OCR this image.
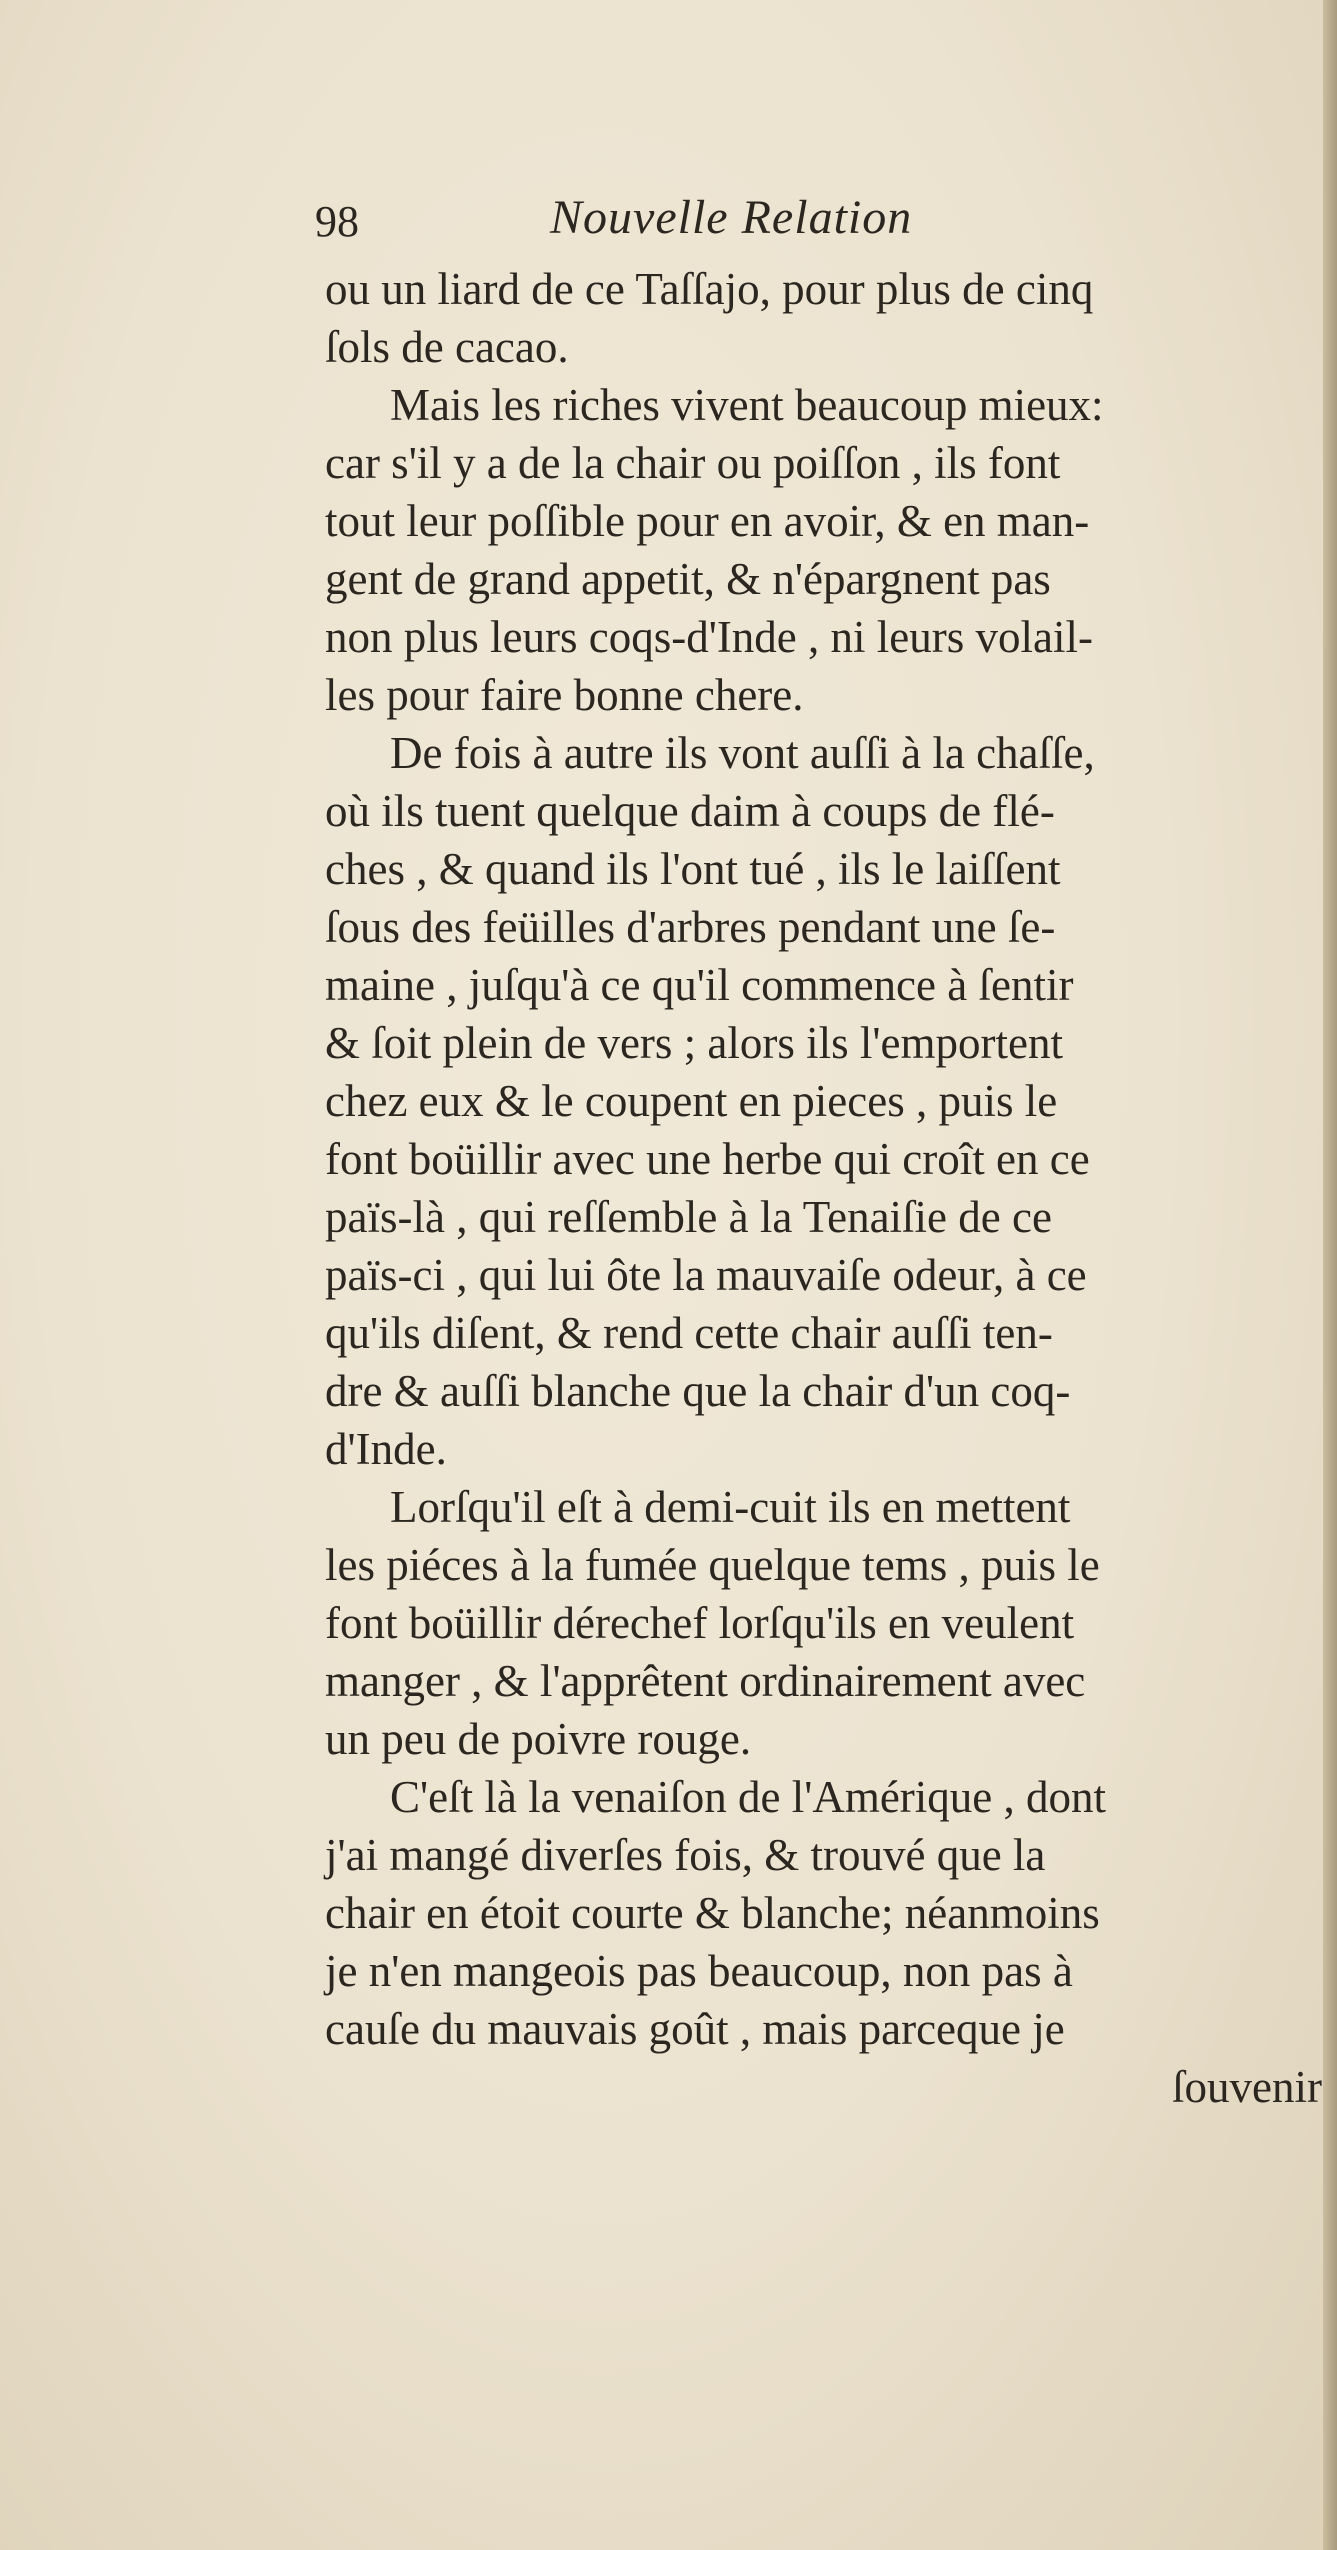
98	Nouvelle Relation
ou un liard de ce Taſſajo, pour plus de cinq
ſols de cacao.
Mais les riches vivent beaucoup mieux:
car s'il y a de la chair ou poiſſon , ils font
tout leur poſſible pour en avoir, & en man-
gent de grand appetit, & n'épargnent pas
non plus leurs coqs-d'Inde , ni leurs volail-
les pour faire bonne chere.
De fois à autre ils vont auſſi à la chaſſe,
où ils tuent quelque daim à coups de flé-
ches , & quand ils l'ont tué , ils le laiſſent
ſous des feüilles d'arbres pendant une ſe-
maine , juſqu'à ce qu'il commence à ſentir
& ſoit plein de vers ; alors ils l'emportent
chez eux & le coupent en pieces , puis le
font boüillir avec une herbe qui croît en ce
païs-là , qui reſſemble à la Tenaiſie de ce
païs-ci , qui lui ôte la mauvaiſe odeur, à ce
qu'ils diſent, & rend cette chair auſſi ten-
dre & auſſi blanche que la chair d'un coq-
d'Inde.
Lorſqu'il eſt à demi-cuit ils en mettent
les piéces à la fumée quelque tems , puis le
font boüillir dérechef lorſqu'ils en veulent
manger , & l'apprêtent ordinairement avec
un peu de poivre rouge.
C'eſt là la venaiſon de l'Amérique , dont
j'ai mangé diverſes fois, & trouvé que la
chair en étoit courte & blanche; néanmoins
je n'en mangeois pas beaucoup, non pas à
cauſe du mauvais goût , mais parceque je
ſouvenir
